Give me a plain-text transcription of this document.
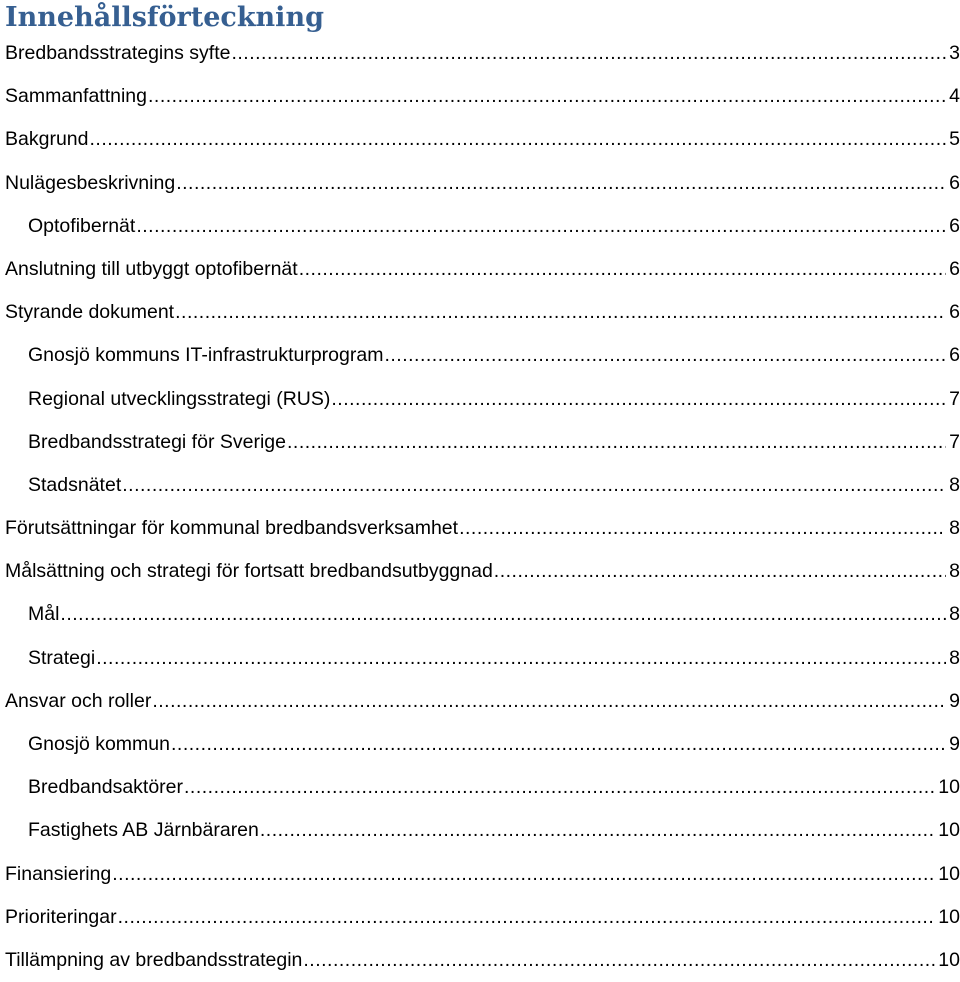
Innehållsförteckning
Bredbandsstrategins syfte .....	3
Sammanfattning .....	4
Bakgrund .....	5
Nulägesbeskrivning .....	6
Optofibernät .....	6
Anslutning till utbyggt optofibernät .....	6
Styrande dokument .....	6
Gnosjö kommuns IT-infrastrukturprogram .....	6
Regional utvecklingsstrategi (RUS) .....	7
Bredbandsstrategi för Sverige .....	7
Stadsnätet .....	8
Förutsättningar för kommunal bredbandsverksamhet .....	8
Målsättning och strategi för fortsatt bredbandsutbyggnad .....	8
Mål .....	8
Strategi .....	8
Ansvar och roller .....	9
Gnosjö kommun .....	9
Bredbandsaktörer .....	10
Fastighets AB Järnbäraren .....	10
Finansiering .....	10
Prioriteringar .....	10
Tillämpning av bredbandsstrategin .....	10
